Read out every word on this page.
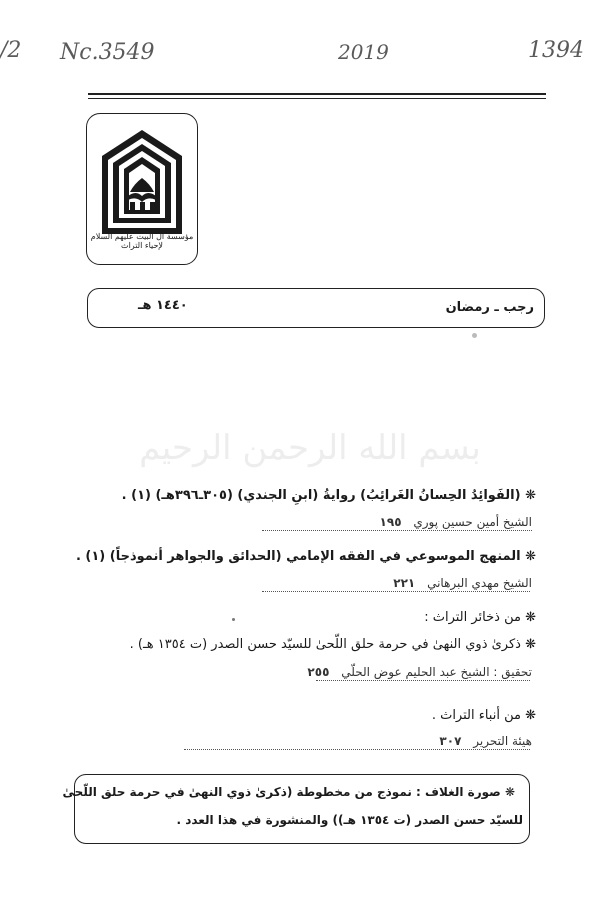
/2 Nc.3549	2019	1394
مؤسسة آل البيت عليهم السلام لإحياء التراث
رجب ـ رمضان
١٤٤٠ هـ
بسم الله الرحمن الرحيم
❋ (الفَوائِدُ الحِسانُ الغَرائِبُ) روايةُ (ابنِ الجندي) (٣٠٥ـ٣٩٦هـ) (١) .
الشيخ أمين حسين پوري ١٩٥
❋ المنهج الموسوعي في الفقه الإمامي (الحدائق والجواهر أنموذجاً) (١) .
الشيخ مهدي البرهاني ٢٢١
❋ من ذخائر التراث :
❋ ذكرىٰ ذوي النهىٰ في حرمة حلق اللّحىٰ للسيّد حسن الصدر (ت ١٣٥٤ هـ) .
تحقيق : الشيخ عبد الحليم عوض الحلّي ٢٥٥
❋ من أنباء التراث .
هيئة التحرير ٣٠٧
❋ صورة الغلاف : نموذج من مخطوطة (ذكرىٰ ذوي النهىٰ في حرمة حلق اللّحىٰ
للسيّد حسن الصدر (ت ١٣٥٤ هـ)) والمنشورة في هذا العدد .
